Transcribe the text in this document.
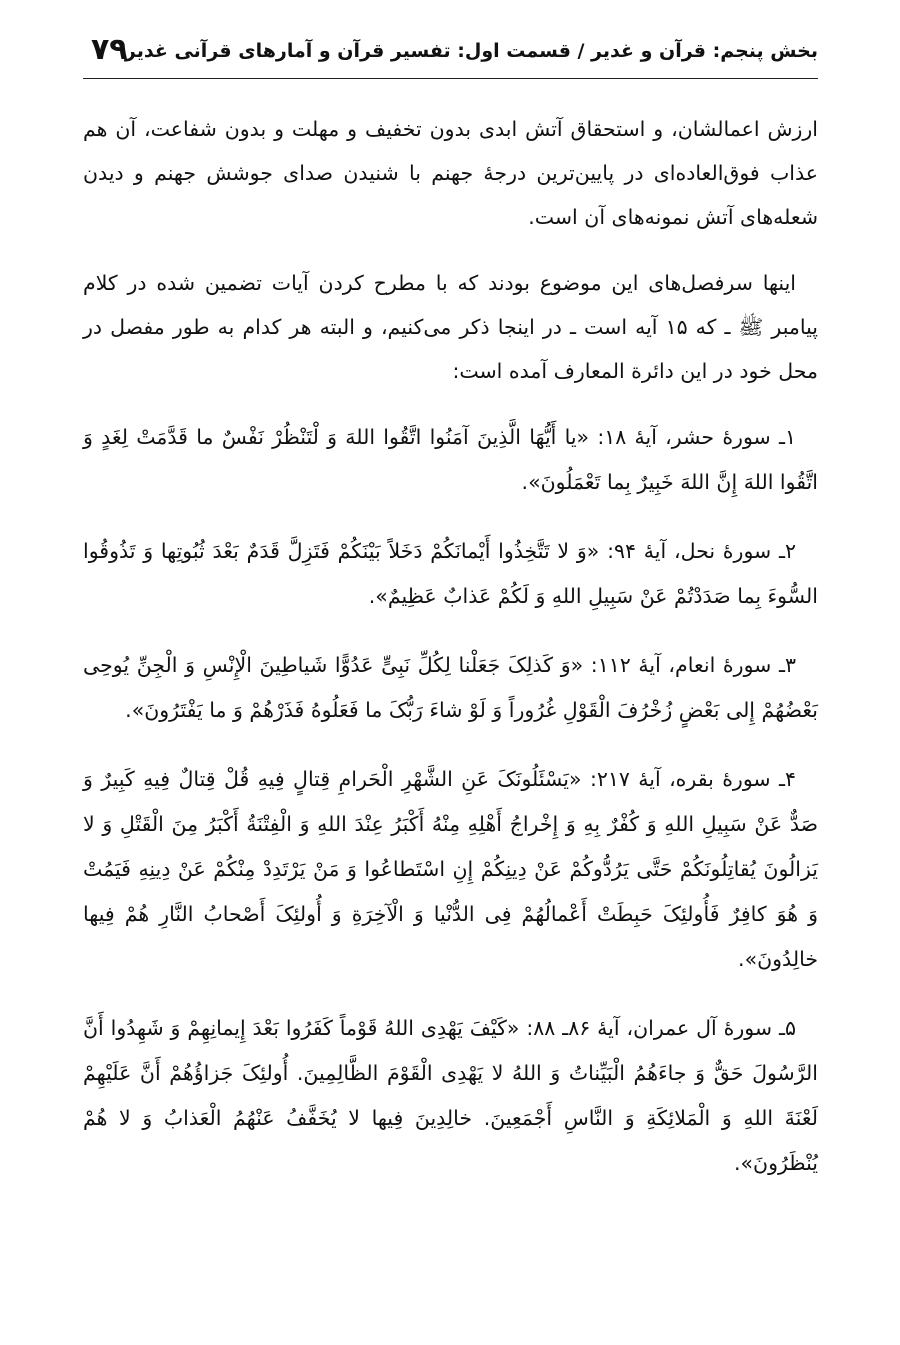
بخش پنجم: قرآن و غدیر / قسمت اول: تفسیر قرآن و آمارهای قرآنی غدیر
۷۹

ارزش اعمالشان، و استحقاق آتش ابدی بدون تخفیف و مهلت و بدون شفاعت، آن هم عذاب فوق‌العاده‌ای در پایین‌ترین درجهٔ جهنم با شنیدن صدای جوشش جهنم و دیدن شعله‌های آتش نمونه‌های آن است.

اینها سرفصل‌های این موضوع بودند که با مطرح کردن آیات تضمین شده در کلام پیامبر ﷺ ـ که ۱۵ آیه است ـ در اینجا ذکر می‌کنیم، و البته هر کدام به طور مفصل در محل خود در این دائرة المعارف آمده است:

۱ـ سورهٔ حشر، آیهٔ ۱۸: «یا أَیُّهَا الَّذِینَ آمَنُوا اتَّقُوا اللهَ وَ لْتَنْظُرْ نَفْسٌ ما قَدَّمَتْ لِغَدٍ وَ اتَّقُوا اللهَ إِنَّ اللهَ خَبِیرٌ بِما تَعْمَلُونَ».

۲ـ سورهٔ نحل، آیهٔ ۹۴: «وَ لا تَتَّخِذُوا أَیْمانَکُمْ دَخَلاً بَیْنَکُمْ فَتَزِلَّ قَدَمٌ بَعْدَ ثُبُوتِها وَ تَذُوقُوا السُّوءَ بِما صَدَدْتُمْ عَنْ سَبِیلِ اللهِ وَ لَکُمْ عَذابٌ عَظِیمٌ».

۳ـ سورهٔ انعام، آیهٔ ۱۱۲: «وَ کَذلِکَ جَعَلْنا لِکُلِّ نَبِیٍّ عَدُوًّا شَیاطِینَ الْإِنْسِ وَ الْجِنِّ یُوحِی بَعْضُهُمْ إِلی بَعْضٍ زُخْرُفَ الْقَوْلِ غُرُوراً وَ لَوْ شاءَ رَبُّکَ ما فَعَلُوهُ فَذَرْهُمْ وَ ما یَفْتَرُونَ».

۴ـ سورهٔ بقره، آیهٔ ۲۱۷: «یَسْئَلُونَکَ عَنِ الشَّهْرِ الْحَرامِ قِتالٍ فِیهِ قُلْ قِتالٌ فِیهِ کَبِیرٌ وَ صَدٌّ عَنْ سَبِیلِ اللهِ وَ کُفْرٌ بِهِ وَ إِخْراجُ أَهْلِهِ مِنْهُ أَکْبَرُ عِنْدَ اللهِ وَ الْفِتْنَةُ أَکْبَرُ مِنَ الْقَتْلِ وَ لا یَزالُونَ یُقاتِلُونَکُمْ حَتَّی یَرُدُّوکُمْ عَنْ دِینِکُمْ إِنِ اسْتَطاعُوا وَ مَنْ یَرْتَدِدْ مِنْکُمْ عَنْ دِینِهِ فَیَمُتْ وَ هُوَ کافِرٌ فَأُولئِکَ حَبِطَتْ أَعْمالُهُمْ فِی الدُّنْیا وَ الْآخِرَةِ وَ أُولئِکَ أَصْحابُ النَّارِ هُمْ فِیها خالِدُونَ».

۵ـ سورهٔ آل عمران، آیهٔ ۸۶ـ ۸۸: «کَیْفَ یَهْدِی اللهُ قَوْماً کَفَرُوا بَعْدَ إِیمانِهِمْ وَ شَهِدُوا أَنَّ الرَّسُولَ حَقٌّ وَ جاءَهُمُ الْبَیِّناتُ وَ اللهُ لا یَهْدِی الْقَوْمَ الظَّالِمِینَ. أُولئِکَ جَزاؤُهُمْ أَنَّ عَلَیْهِمْ لَعْنَةَ اللهِ وَ الْمَلائِکَةِ وَ النَّاسِ أَجْمَعِینَ. خالِدِینَ فِیها لا یُخَفَّفُ عَنْهُمُ الْعَذابُ وَ لا هُمْ یُنْظَرُونَ».
